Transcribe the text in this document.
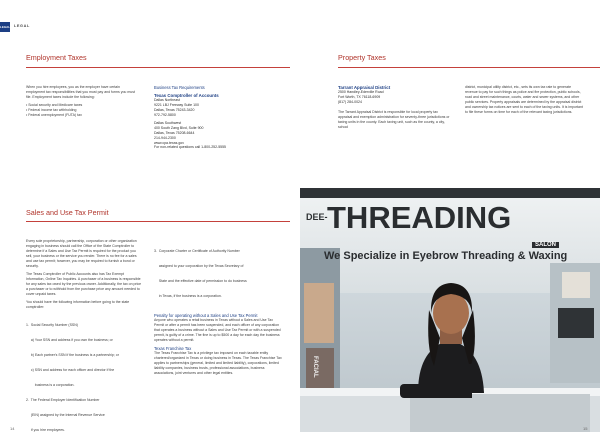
LEGAL LEGAL
Employment Taxes

When you hire employees, you as the employer have certain employment tax responsibilities that you must pay and forms you must file. Employment taxes include the following:

• Social security and Medicare taxes
• Federal income tax withholding
• Federal unemployment (FUTA) tax
Business Tax Requirements
Texas Comptroller of Accounts
Dallas Northeast
9221 LBJ Freeway Suite 100
Dallas, Texas 75243-3420
972-792-5800
Dallas Southwest
400 South Zang Blvd, Suite 900
Dallas, Texas 75208-6644
214-944-2300
www.cpa.texas.gov
For non-related questions call 1-800-252-5555
Property Taxes
Tarrant Appraisal District
2500 Handley-Ederville Road
Fort Worth, TX 76118-6909
(817) 284-0024

The Tarrant Appraisal District is responsible for local property tax appraisal and exemption administration for seventy-three jurisdictions or taxing units in the county. Each taxing unit, such as the county, a city, school

district, municipal utility district, etc., sets its own tax rate to generate revenue to pay for such things as police and fire protection, public schools, road and street maintenance, courts, water and sewer systems, and other public services. Property appraisals are determined by the appraisal district and ownership tax notices are sent to each of the taxing units. It is important to file these forms on time for each of the relevant taxing jurisdictions.
Sales and Use Tax Permit

Every sole proprietorship, partnership, corporation or other organization engaging in business should call the Office of the State Comptroller to determine if a Sales and Use Tax Permit is required for the product you sell, your business or the service you render. There is no fee for a sales and use tax permit; however, you may be required to furnish a bond or security.

The Texas Comptroller of Public Accounts also has Tax Exempt Information, Online Tax Inquiries. A purchaser of a business is responsible for any sales tax owed by the previous owner. Additionally, the tax on price a purchaser or to withhold from the purchase price any amount needed to cover unpaid taxes.

You should have the following information before going to the state comptroller:

1.  Social Security Number (SSN)

a) Your SSN and address if you own the business; or

b) Each partner's SSN if the business is a partnership; or

c) SSN and address for each officer and director if the

business is a corporation.

2.  The Federal Employer Identification Number

(EIN) assigned by the Internal Revenue Service

if you hire employees.

3.  Corporate Charter or Certificate of Authority Number

assigned to your corporation by the Texas Secretary of

State and the effective date of permission to do business

in Texas, if the business is a corporation.

Penalty for operating without a Sales and Use Tax Permit

Anyone who operates a retail business in Texas without a Sales and Use Tax Permit or after a permit has been suspended, and each officer of any corporation that operates a business without a Sales and Use Tax Permit or with a suspended permit, is guilty of a crime. The fine is up to $500 a day for each day the business operates without a permit.

Texas Franchise Tax

The Texas Franchise Tax is a privilege tax imposed on each taxable entity chartered/organized in Texas or doing business in Texas. The Texas Franchise Tax applies to partnerships (general, limited and limited liability), corporations, limited liability companies, business trusts, professional associations, business associations, joint ventures and other legal entities.

DEE- THREADING
SALON
We Specialize in Eyebrow Threading & Waxing
FACIAL
14	15
